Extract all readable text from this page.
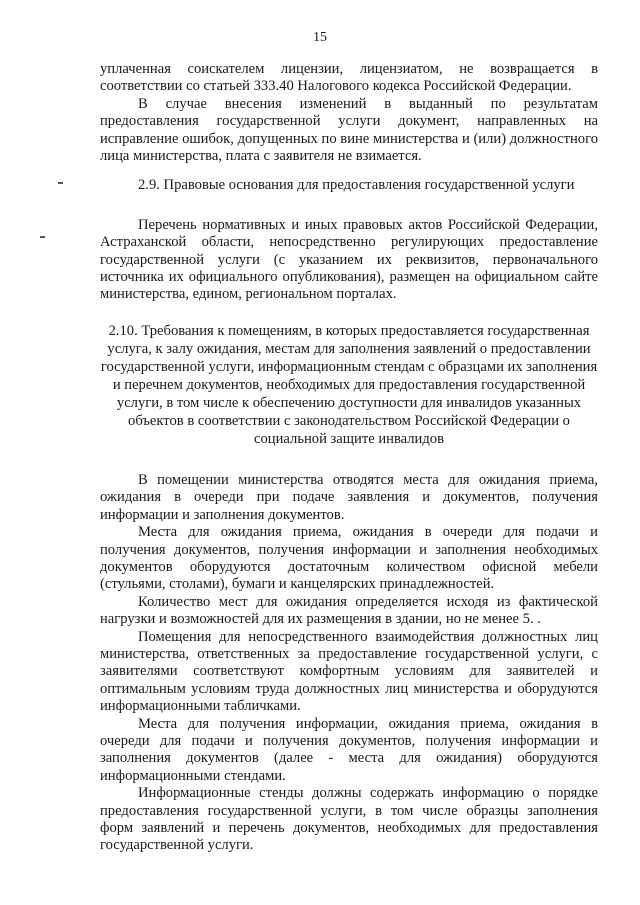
15

уплаченная соискателем лицензии, лицензиатом, не возвращается в соответствии со статьей 333.40 Налогового кодекса Российской Федерации.

В случае внесения изменений в выданный по результатам предоставления государственной услуги документ, направленных на исправление ошибок, допущенных по вине министерства и (или) должностного лица министерства, плата с заявителя не взимается.

2.9. Правовые основания для предоставления государственной услуги

Перечень нормативных и иных правовых актов Российской Федерации, Астраханской области, непосредственно регулирующих предоставление государственной услуги (с указанием их реквизитов, первоначального источника их официального опубликования), размещен на официальном сайте министерства, едином, региональном порталах.

2.10. Требования к помещениям, в которых предоставляется государственная услуга, к залу ожидания, местам для заполнения заявлений о предоставлении государственной услуги, информационным стендам с образцами их заполнения и перечнем документов, необходимых для предоставления государственной услуги, в том числе к обеспечению доступности для инвалидов указанных объектов в соответствии с законодательством Российской Федерации о социальной защите инвалидов

В помещении министерства отводятся места для ожидания приема, ожидания в очереди при подаче заявления и документов, получения информации и заполнения документов.

Места для ожидания приема, ожидания в очереди для подачи и получения документов, получения информации и заполнения необходимых документов оборудуются достаточным количеством офисной мебели (стульями, столами), бумаги и канцелярских принадлежностей.

Количество мест для ожидания определяется исходя из фактической нагрузки и возможностей для их размещения в здании, но не менее 5. .

Помещения для непосредственного взаимодействия должностных лиц министерства, ответственных за предоставление государственной услуги, с заявителями соответствуют комфортным условиям для заявителей и оптимальным условиям труда должностных лиц министерства и оборудуются информационными табличками.

Места для получения информации, ожидания приема, ожидания в очереди для подачи и получения документов, получения информации и заполнения документов (далее - места для ожидания) оборудуются информационными стендами.

Информационные стенды должны содержать информацию о порядке предоставления государственной услуги, в том числе образцы заполнения форм заявлений и перечень документов, необходимых для предоставления государственной услуги.
